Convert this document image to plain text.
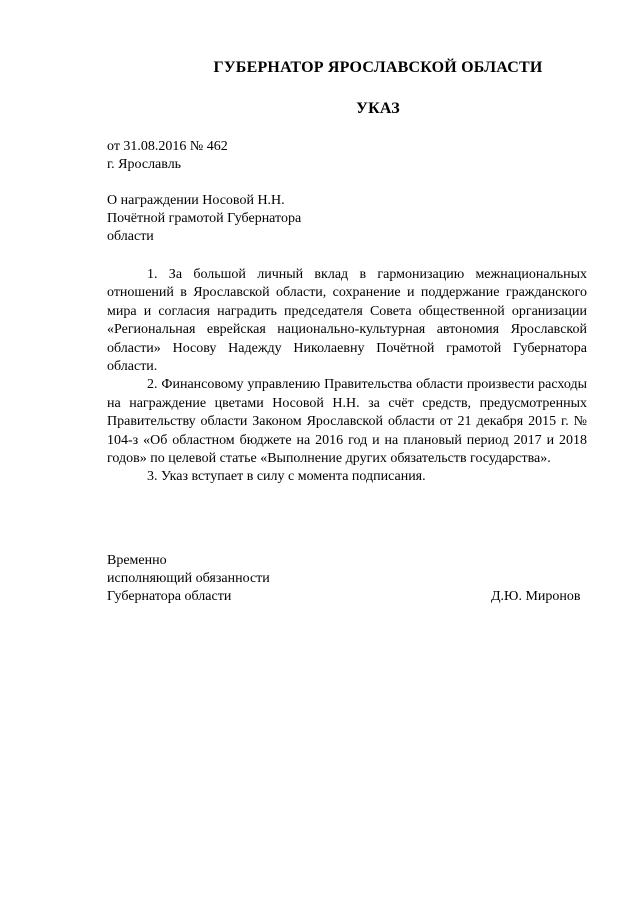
ГУБЕРНАТОР ЯРОСЛАВСКОЙ ОБЛАСТИ
УКАЗ
от 31.08.2016 № 462
г. Ярославль
О награждении Носовой Н.Н.
Почётной грамотой Губернатора
области

1. За большой личный вклад в гармонизацию межнациональных отношений в Ярославской области, сохранение и поддержание гражданского мира и согласия наградить председателя Совета общественной организации «Региональная еврейская национально-культурная автономия Ярославской области» Носову Надежду Николаевну Почётной грамотой Губернатора области.

2. Финансовому управлению Правительства области произвести расходы на награждение цветами Носовой Н.Н. за счёт средств, предусмотренных Правительству области Законом Ярославской области от 21 декабря 2015 г. № 104-з «Об областном бюджете на 2016 год и на плановый период 2017 и 2018 годов» по целевой статье «Выполнение других обязательств государства».

3. Указ вступает в силу с момента подписания.

Временно
исполняющий обязанности
Губернатора области	Д.Ю. Миронов
